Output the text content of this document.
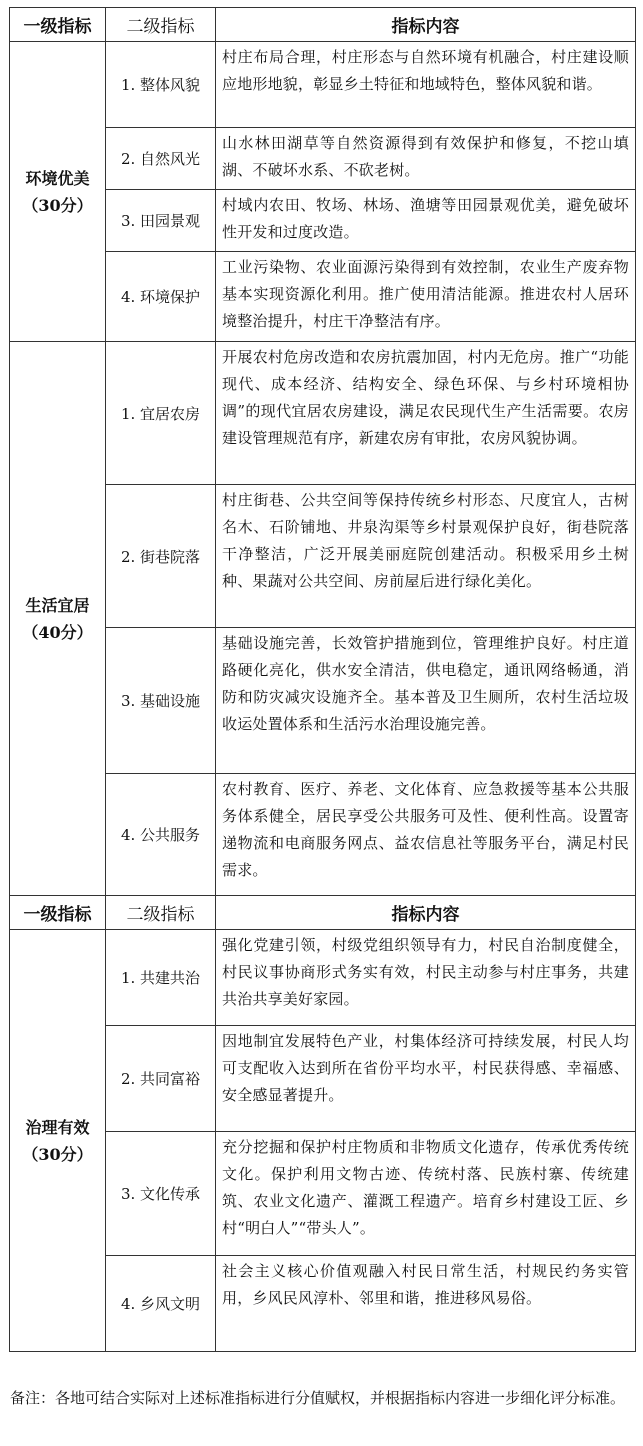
一级指标	二级指标	指标内容
环境优美
（30分）	1. 整体风貌	村庄布局合理，村庄形态与自然环境有机融合，村庄建设顺应地形地貌，彰显乡土特征和地域特色，整体风貌和谐。
	2. 自然风光	山水林田湖草等自然资源得到有效保护和修复，不挖山填湖、不破坏水系、不砍老树。
	3. 田园景观	村域内农田、牧场、林场、渔塘等田园景观优美，避免破坏性开发和过度改造。
	4. 环境保护	工业污染物、农业面源污染得到有效控制，农业生产废弃物基本实现资源化利用。推广使用清洁能源。推进农村人居环境整治提升，村庄干净整洁有序。
生活宜居
（40分）	1. 宜居农房	开展农村危房改造和农房抗震加固，村内无危房。推广“功能现代、成本经济、结构安全、绿色环保、与乡村环境相协调”的现代宜居农房建设，满足农民现代生产生活需要。农房建设管理规范有序，新建农房有审批，农房风貌协调。
	2. 街巷院落	村庄街巷、公共空间等保持传统乡村形态、尺度宜人，古树名木、石阶铺地、井泉沟渠等乡村景观保护良好，街巷院落干净整洁，广泛开展美丽庭院创建活动。积极采用乡土树种、果蔬对公共空间、房前屋后进行绿化美化。
	3. 基础设施	基础设施完善，长效管护措施到位，管理维护良好。村庄道路硬化亮化，供水安全清洁，供电稳定，通讯网络畅通，消防和防灾减灾设施齐全。基本普及卫生厕所，农村生活垃圾收运处置体系和生活污水治理设施完善。
	4. 公共服务	农村教育、医疗、养老、文化体育、应急救援等基本公共服务体系健全，居民享受公共服务可及性、便利性高。设置寄递物流和电商服务网点、益农信息社等服务平台，满足村民需求。
一级指标	二级指标	指标内容
治理有效
（30分）	1. 共建共治	强化党建引领，村级党组织领导有力，村民自治制度健全，村民议事协商形式务实有效，村民主动参与村庄事务，共建共治共享美好家园。
	2. 共同富裕	因地制宜发展特色产业，村集体经济可持续发展，村民人均可支配收入达到所在省份平均水平，村民获得感、幸福感、安全感显著提升。
	3. 文化传承	充分挖掘和保护村庄物质和非物质文化遗存，传承优秀传统文化。保护利用文物古迹、传统村落、民族村寨、传统建筑、农业文化遗产、灌溉工程遗产。培育乡村建设工匠、乡村“明白人”“带头人”。
	4. 乡风文明	社会主义核心价值观融入村民日常生活，村规民约务实管用，乡风民风淳朴、邻里和谐，推进移风易俗。
备注：各地可结合实际对上述标准指标进行分值赋权，并根据指标内容进一步细化评分标准。
